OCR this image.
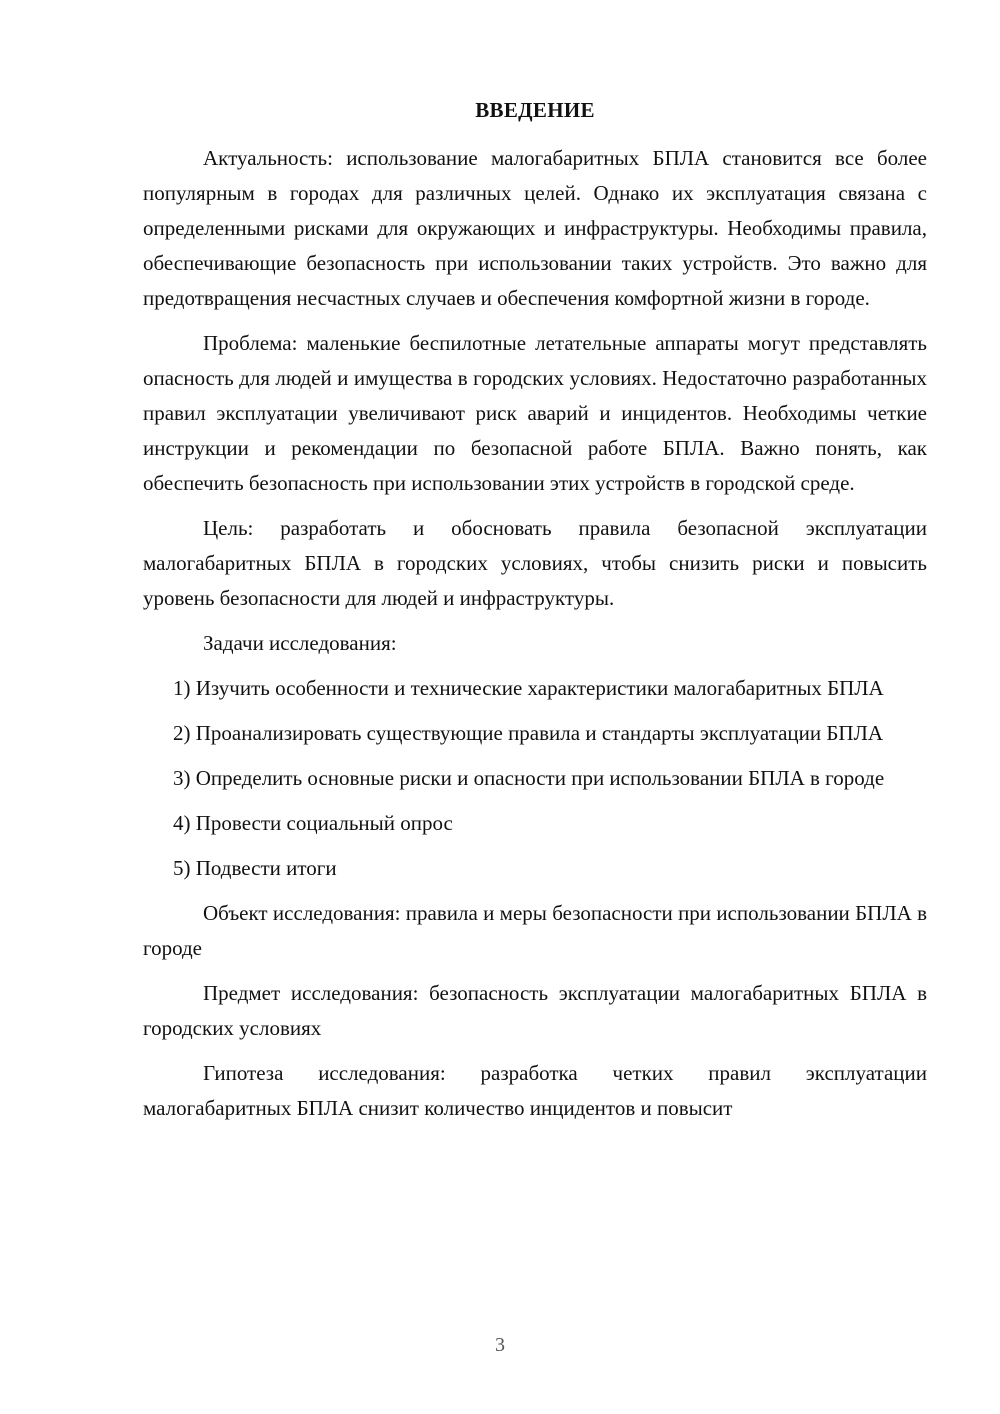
ВВЕДЕНИЕ

Актуальность: использование малогабаритных БПЛА становится все более популярным в городах для различных целей. Однако их эксплуатация связана с определенными рисками для окружающих и инфраструктуры. Необходимы правила, обеспечивающие безопасность при использовании таких устройств. Это важно для предотвращения несчастных случаев и обеспечения комфортной жизни в городе.

Проблема: маленькие беспилотные летательные аппараты могут представлять опасность для людей и имущества в городских условиях. Недостаточно разработанных правил эксплуатации увеличивают риск аварий и инцидентов. Необходимы четкие инструкции и рекомендации по безопасной работе БПЛА. Важно понять, как обеспечить безопасность при использовании этих устройств в городской среде.

Цель: разработать и обосновать правила безопасной эксплуатации малогабаритных БПЛА в городских условиях, чтобы снизить риски и повысить уровень безопасности для людей и инфраструктуры.

Задачи исследования:

1) Изучить особенности и технические характеристики малогабаритных БПЛА

2) Проанализировать существующие правила и стандарты эксплуатации БПЛА

3) Определить основные риски и опасности при использовании БПЛА в городе

4) Провести социальный опрос

5) Подвести итоги

Объект исследования: правила и меры безопасности при использовании БПЛА в городе

Предмет исследования: безопасность эксплуатации малогабаритных БПЛА в городских условиях

Гипотеза исследования: разработка четких правил эксплуатации малогабаритных БПЛА снизит количество инцидентов и повысит

3
